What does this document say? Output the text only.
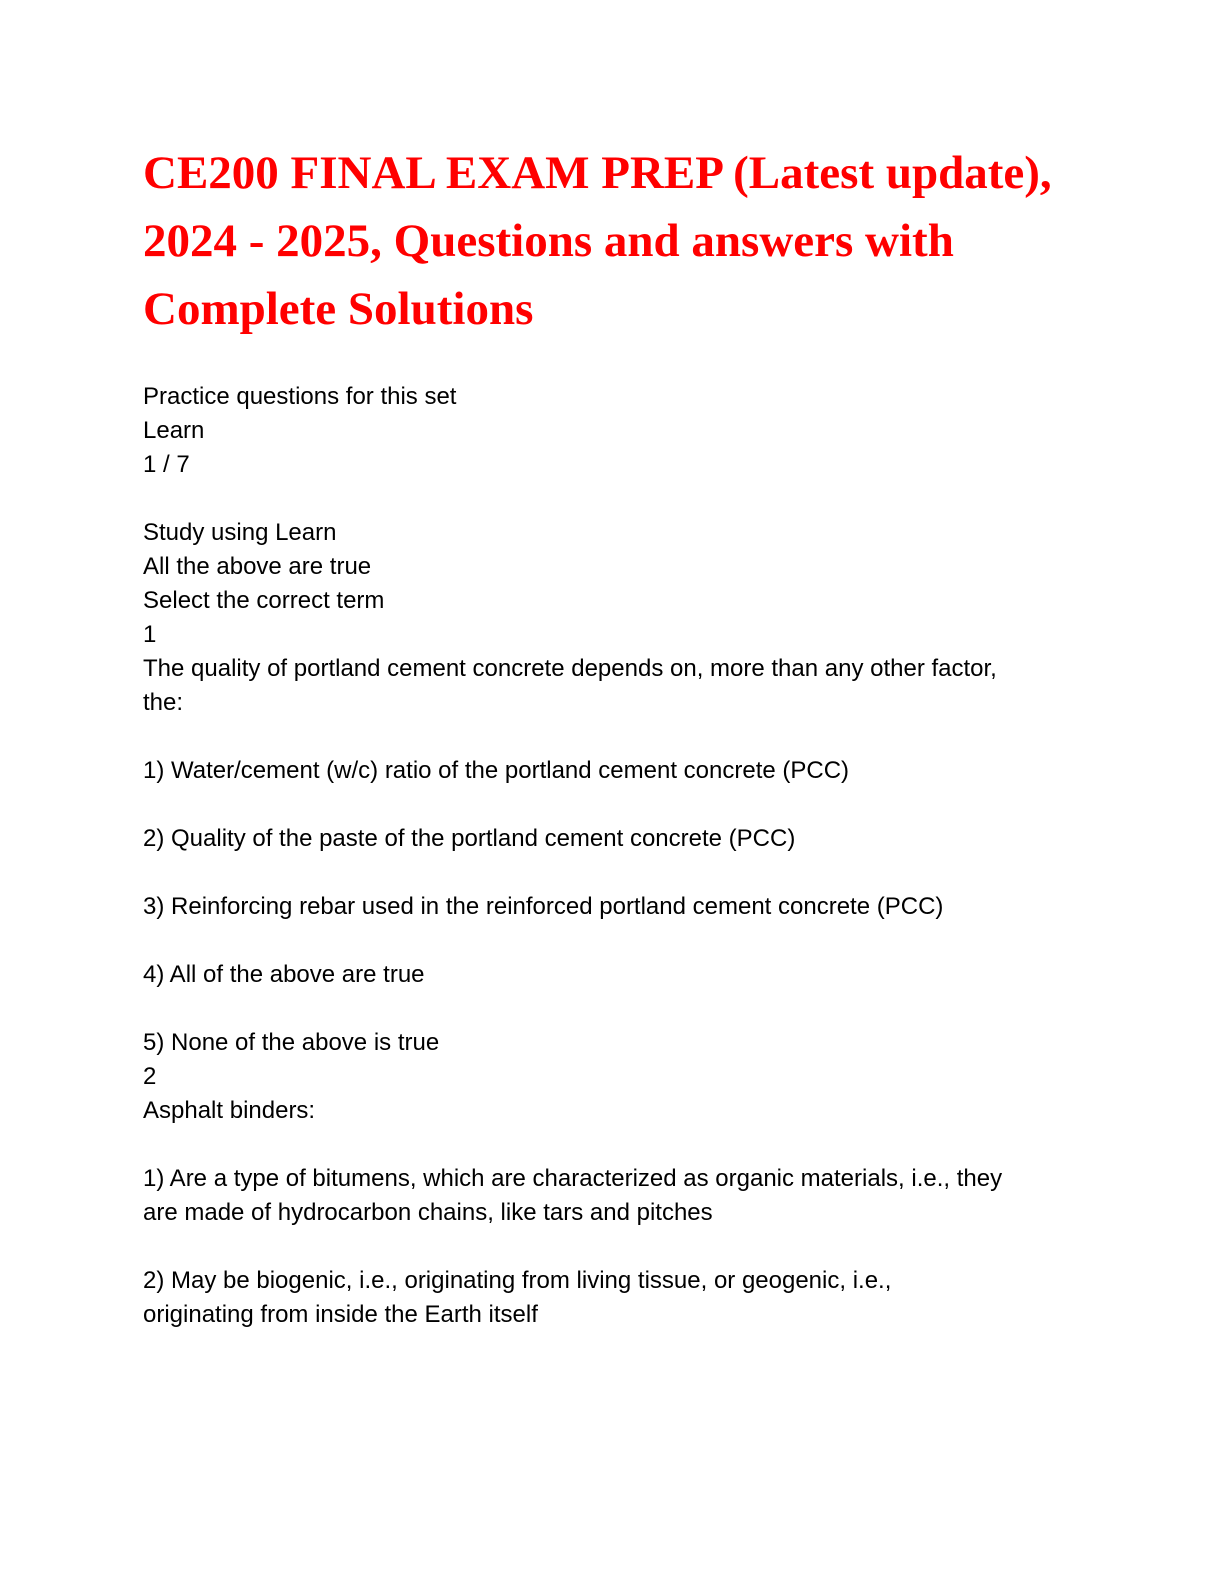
CE200 FINAL EXAM PREP (Latest update),
2024 - 2025, Questions and answers with
Complete Solutions
Practice questions for this set
Learn
1 / 7
Study using Learn
All the above are true
Select the correct term
1
The quality of portland cement concrete depends on, more than any other factor,
the:
1) Water/cement (w/c) ratio of the portland cement concrete (PCC)
2) Quality of the paste of the portland cement concrete (PCC)
3) Reinforcing rebar used in the reinforced portland cement concrete (PCC)
4) All of the above are true
5) None of the above is true
2
Asphalt binders:
1) Are a type of bitumens, which are characterized as organic materials, i.e., they
are made of hydrocarbon chains, like tars and pitches
2) May be biogenic, i.e., originating from living tissue, or geogenic, i.e.,
originating from inside the Earth itself
